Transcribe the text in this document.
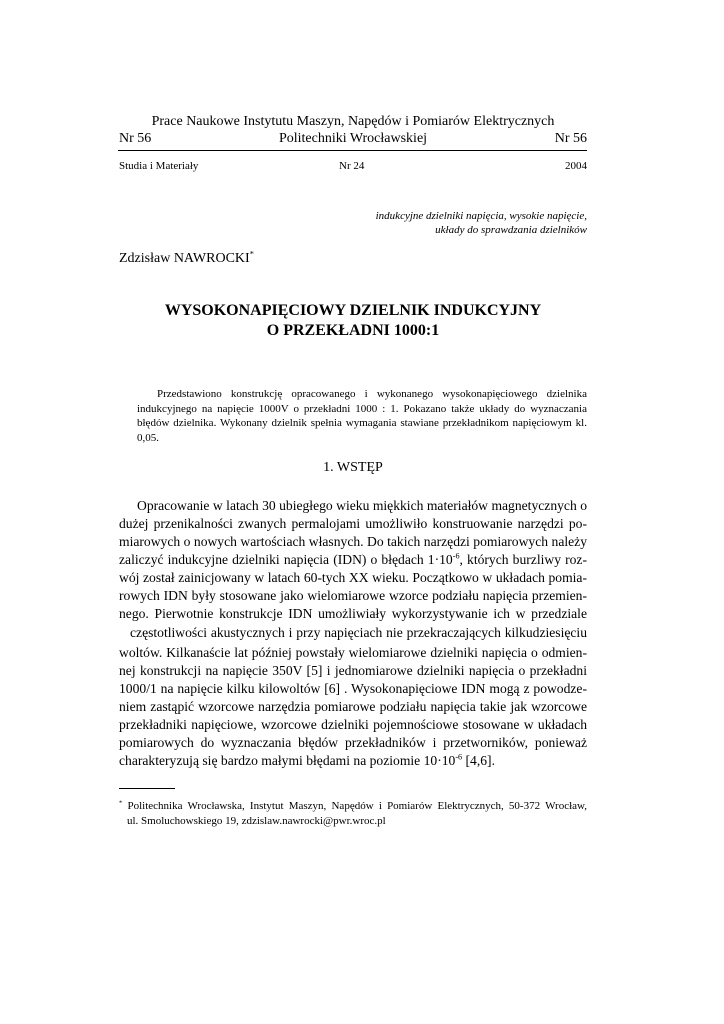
Prace Naukowe Instytutu Maszyn, Napędów i Pomiarów Elektrycznych
Nr 56	Politechniki Wrocławskiej	Nr 56
Studia i Materiały	Nr 24	2004
indukcyjne dzielniki napięcia, wysokie napięcie,
układy do sprawdzania dzielników
Zdzisław NAWROCKI*
WYSOKONAPIĘCIOWY DZIELNIK INDUKCYJNY
O PRZEKŁADNI 1000:1
Przedstawiono konstrukcję opracowanego i wykonanego wysokonapięciowego dzielnika indukcyjnego na napięcie 1000V o przekładni 1000 : 1. Pokazano także układy do wyznaczania błędów dzielnika. Wykonany dzielnik spełnia wymagania stawiane przekładnikom napięciowym kl. 0,05.
1. WSTĘP
Opracowanie w latach 30 ubiegłego wieku miękkich materiałów magnetycznych o
dużej przenikalności zwanych permalojami umożliwiło konstruowanie narzędzi po-
miarowych o nowych wartościach własnych. Do takich narzędzi pomiarowych należy
zaliczyć indukcyjne dzielniki napięcia (IDN) o błędach $1\cdot 10^{-6}$, których burzliwy roz-
wój został zainicjowany w latach 60-tych XX wieku. Początkowo w układach pomia-
rowych IDN były stosowane jako wielomiarowe wzorce podziału napięcia przemien-
nego. Pierwotnie konstrukcje IDN umożliwiały wykorzystywanie ich w przedziale
częstotliwości akustycznych i przy napięciach nie przekraczających kilkudziesięciu
woltów. Kilkanaście lat później powstały wielomiarowe dzielniki napięcia o odmien-
nej konstrukcji na napięcie 350V [5] i jednomiarowe dzielniki napięcia o przekładni
1000/1 na napięcie kilku kilowoltów [6] . Wysokonapięciowe IDN mogą z powodze-
niem zastąpić wzorcowe narzędzia pomiarowe podziału napięcia takie jak wzorcowe
przekładniki napięciowe, wzorcowe dzielniki pojemnościowe stosowane w układach
pomiarowych do wyznaczania błędów przekładników i przetworników, ponieważ
charakteryzują się bardzo małymi błędami na poziomie $10\cdot 10^{-6}$ [4,6].
* Politechnika Wrocławska, Instytut Maszyn, Napędów i Pomiarów Elektrycznych, 50-372 Wrocław,
ul. Smoluchowskiego 19, zdzislaw.nawrocki@pwr.wroc.pl
